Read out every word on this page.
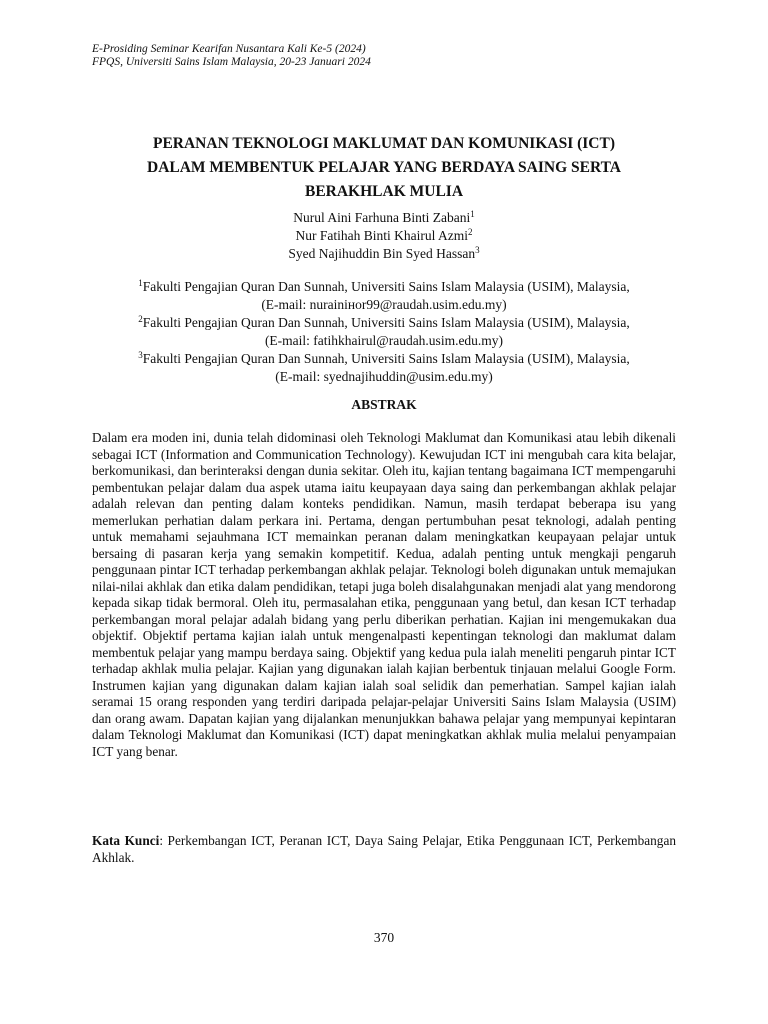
E-Prosiding Seminar Kearifan Nusantara Kali Ke-5 (2024)
FPQS, Universiti Sains Islam Malaysia, 20-23 Januari 2024
PERANAN TEKNOLOGI MAKLUMAT DAN KOMUNIKASI (ICT)
DALAM MEMBENTUK PELAJAR YANG BERDAYA SAING SERTA
BERAKHLAK MULIA
Nurul Aini Farhuna Binti Zabani$^1$
Nur Fatihah Binti Khairul Azmi$^2$
Syed Najihuddin Bin Syed Hassan$^3$
$^1$Fakulti Pengajian Quran Dan Sunnah, Universiti Sains Islam Malaysia (USIM), Malaysia,
(E-mail: nurainінor99@raudah.usim.edu.my)
$^2$Fakulti Pengajian Quran Dan Sunnah, Universiti Sains Islam Malaysia (USIM), Malaysia,
(E-mail: fatihkhairul@raudah.usim.edu.my)
$^3$Fakulti Pengajian Quran Dan Sunnah, Universiti Sains Islam Malaysia (USIM), Malaysia,
(E-mail: syednajihuddin@usim.edu.my)
ABSTRAK
Dalam era moden ini, dunia telah didominasi oleh Teknologi Maklumat dan Komunikasi atau lebih dikenali sebagai ICT (Information and Communication Technology). Kewujudan ICT ini mengubah cara kita belajar, berkomunikasi, dan berinteraksi dengan dunia sekitar. Oleh itu, kajian tentang bagaimana ICT mempengaruhi pembentukan pelajar dalam dua aspek utama iaitu keupayaan daya saing dan perkembangan akhlak pelajar adalah relevan dan penting dalam konteks pendidikan. Namun, masih terdapat beberapa isu yang memerlukan perhatian dalam perkara ini. Pertama, dengan pertumbuhan pesat teknologi, adalah penting untuk memahami sejauhmana ICT memainkan peranan dalam meningkatkan keupayaan pelajar untuk bersaing di pasaran kerja yang semakin kompetitif. Kedua, adalah penting untuk mengkaji pengaruh penggunaan pintar ICT terhadap perkembangan akhlak pelajar. Teknologi boleh digunakan untuk memajukan nilai-nilai akhlak dan etika dalam pendidikan, tetapi juga boleh disalahgunakan menjadi alat yang mendorong kepada sikap tidak bermoral. Oleh itu, permasalahan etika, penggunaan yang betul, dan kesan ICT terhadap perkembangan moral pelajar adalah bidang yang perlu diberikan perhatian. Kajian ini mengemukakan dua objektif. Objektif pertama kajian ialah untuk mengenalpasti kepentingan teknologi dan maklumat dalam membentuk pelajar yang mampu berdaya saing. Objektif yang kedua pula ialah meneliti pengaruh pintar ICT terhadap akhlak mulia pelajar. Kajian yang digunakan ialah kajian berbentuk tinjauan melalui Google Form. Instrumen kajian yang digunakan dalam kajian ialah soal selidik dan pemerhatian. Sampel kajian ialah seramai 15 orang responden yang terdiri daripada pelajar-pelajar Universiti Sains Islam Malaysia (USIM) dan orang awam. Dapatan kajian yang dijalankan menunjukkan bahawa pelajar yang mempunyai kepintaran dalam Teknologi Maklumat dan Komunikasi (ICT) dapat meningkatkan akhlak mulia melalui penyampaian ICT yang benar.
Kata Kunci: Perkembangan ICT, Peranan ICT, Daya Saing Pelajar, Etika Penggunaan ICT, Perkembangan Akhlak.
370
